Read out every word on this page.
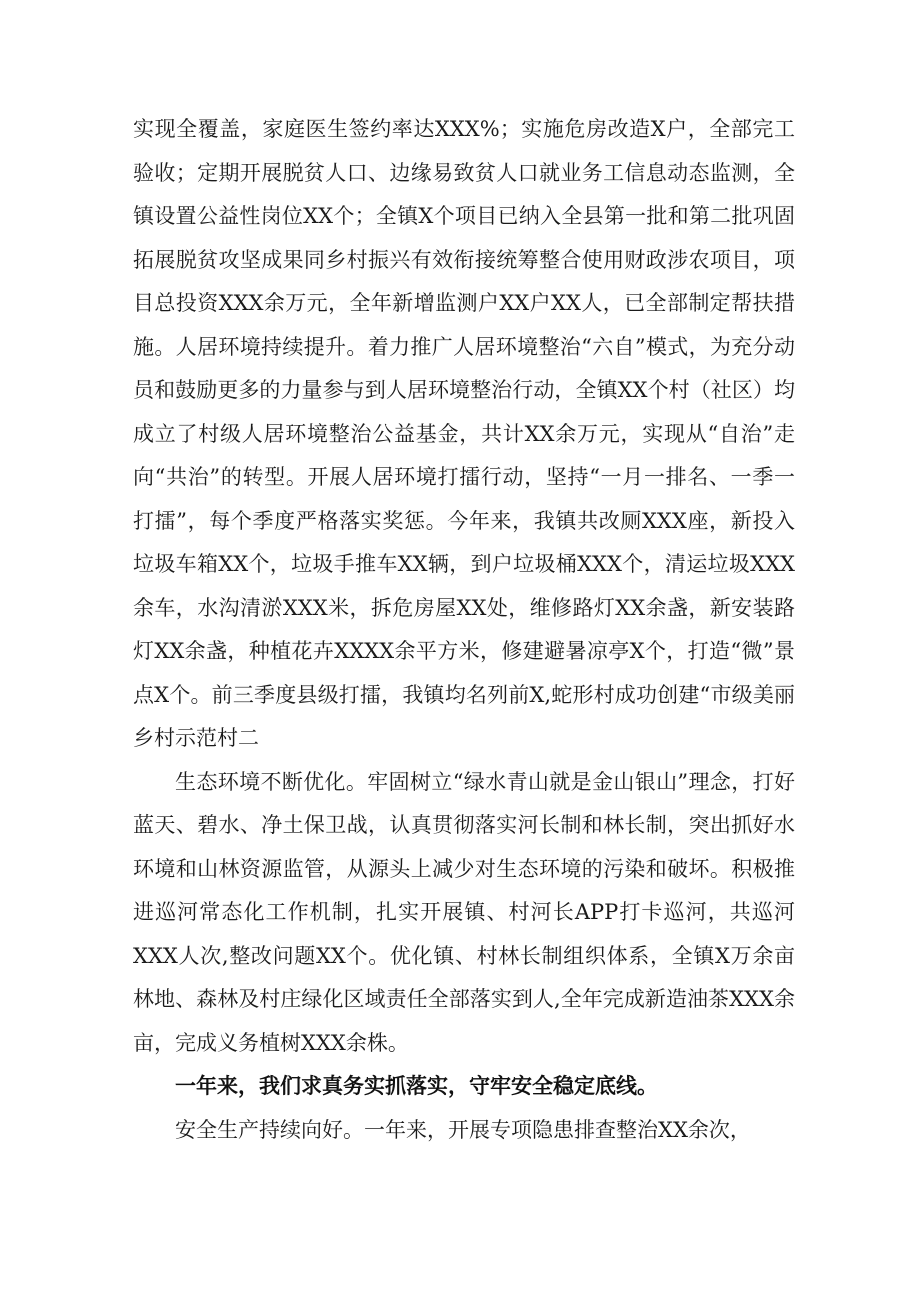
实现全覆盖，家庭医生签约率达XXX%；实施危房改造X户，全部完工验收；定期开展脱贫人口、边缘易致贫人口就业务工信息动态监测，全镇设置公益性岗位XX个；全镇X个项目已纳入全县第一批和第二批巩固拓展脱贫攻坚成果同乡村振兴有效衔接统筹整合使用财政涉农项目，项目总投资XXX余万元，全年新增监测户XX户XX人，已全部制定帮扶措施。人居环境持续提升。着力推广人居环境整治“六自”模式，为充分动员和鼓励更多的力量参与到人居环境整治行动，全镇XX个村（社区）均成立了村级人居环境整治公益基金，共计XX余万元，实现从“自治”走向“共治”的转型。开展人居环境打擂行动，坚持“一月一排名、一季一打擂”，每个季度严格落实奖惩。今年来，我镇共改厕XXX座，新投入垃圾车箱XX个，垃圾手推车XX辆，到户垃圾桶XXX个，清运垃圾XXX余车，水沟清淤XXX米，拆危房屋XX处，维修路灯XX余盏，新安装路灯XX余盏，种植花卉XXXX余平方米，修建避暑凉亭X个，打造“微”景点X个。前三季度县级打擂，我镇均名列前X,蛇形村成功创建“市级美丽乡村示范村二

生态环境不断优化。牢固树立“绿水青山就是金山银山”理念，打好蓝天、碧水、净土保卫战，认真贯彻落实河长制和林长制，突出抓好水环境和山林资源监管，从源头上减少对生态环境的污染和破坏。积极推进巡河常态化工作机制，扎实开展镇、村河长APP打卡巡河，共巡河XXX人次,整改问题XX个。优化镇、村林长制组织体系，全镇X万余亩林地、森林及村庄绿化区域责任全部落实到人,全年完成新造油茶XXX余亩，完成义务植树XXX余株。

一年来，我们求真务实抓落实，守牢安全稳定底线。

安全生产持续向好。一年来，开展专项隐患排查整治XX余次，
